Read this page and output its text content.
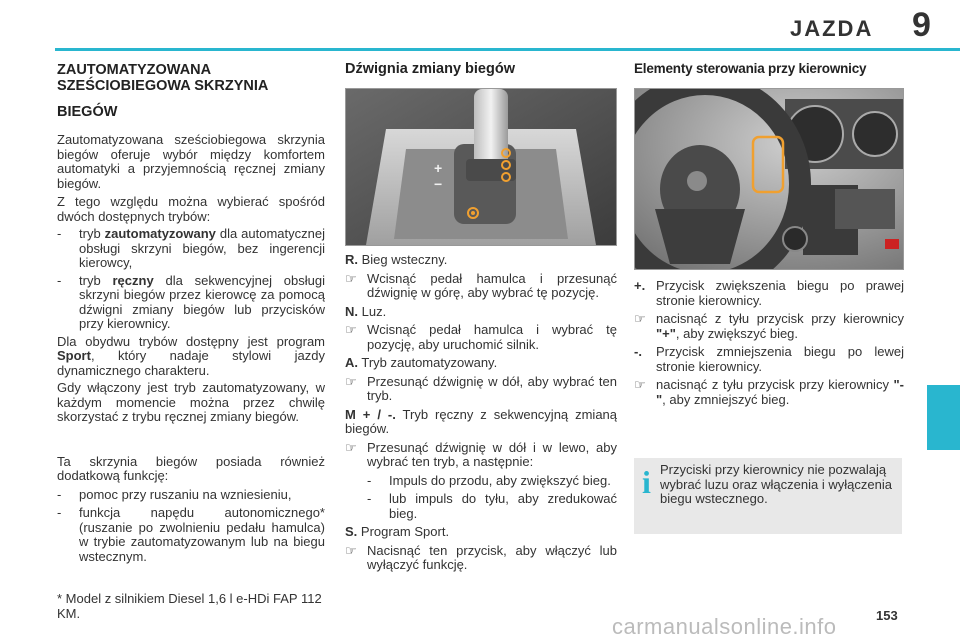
JAZDA 9

ZAUTOMATYZOWANA
SZEŚCIOBIEGOWA SKRZYNIA

BIEGÓW

Zautomatyzowana sześciobiegowa skrzynia biegów oferuje wybór między komfortem automatyki a przyjemnością ręcznej zmiany biegów.

Z tego względu można wybierać spośród dwóch dostępnych trybów:

- tryb zautomatyzowany dla automatycznej obsługi skrzyni biegów, bez ingerencji kierowcy,
- tryb ręczny dla sekwencyjnej obsługi skrzyni biegów przez kierowcę za pomocą dźwigni zmiany biegów lub przycisków przy kierownicy.

Dla obydwu trybów dostępny jest program Sport, który nadaje stylowi jazdy dynamicznego charakteru.

Gdy włączony jest tryb zautomatyzowany, w każdym momencie można przez chwilę skorzystać z trybu ręcznej zmiany biegów.

Ta skrzynia biegów posiada również dodatkową funkcję:

- pomoc przy ruszaniu na wzniesieniu,
- funkcja napędu autonomicznego* (ruszanie po zwolnieniu pedału hamulca) w trybie zautomatyzowanym lub na biegu wstecznym.

* Model z silnikiem Diesel 1,6 l e-HDi FAP 112 KM.

Dźwignia zmiany biegów

+
−

R. Bieg wsteczny.

☞ Wcisnąć pedał hamulca i przesunąć dźwignię w górę, aby wybrać tę pozycję.

N. Luz.

☞ Wcisnąć pedał hamulca i wybrać tę pozycję, aby uruchomić silnik.

A. Tryb zautomatyzowany.

☞ Przesunąć dźwignię w dół, aby wybrać ten tryb.

M + / -. Tryb ręczny z sekwencyjną zmianą biegów.

☞ Przesunąć dźwignię w dół i w lewo, aby wybrać ten tryb, a następnie:
- Impuls do przodu, aby zwiększyć bieg.
- lub impuls do tyłu, aby zredukować bieg.

S. Program Sport.

☞ Nacisnąć ten przycisk, aby włączyć lub wyłączyć funkcję.

Elementy sterowania przy kierownicy

+. Przycisk zwiększenia biegu po prawej stronie kierownicy.
☞ nacisnąć z tyłu przycisk przy kierownicy "+", aby zwiększyć bieg.
-. Przycisk zmniejszenia biegu po lewej stronie kierownicy.
☞ nacisnąć z tyłu przycisk przy kierownicy "-", aby zmniejszyć bieg.
i Przyciski przy kierownicy nie pozwalają wybrać luzu oraz włączenia i wyłączenia biegu wstecznego.
carmanualsonline.info	153
